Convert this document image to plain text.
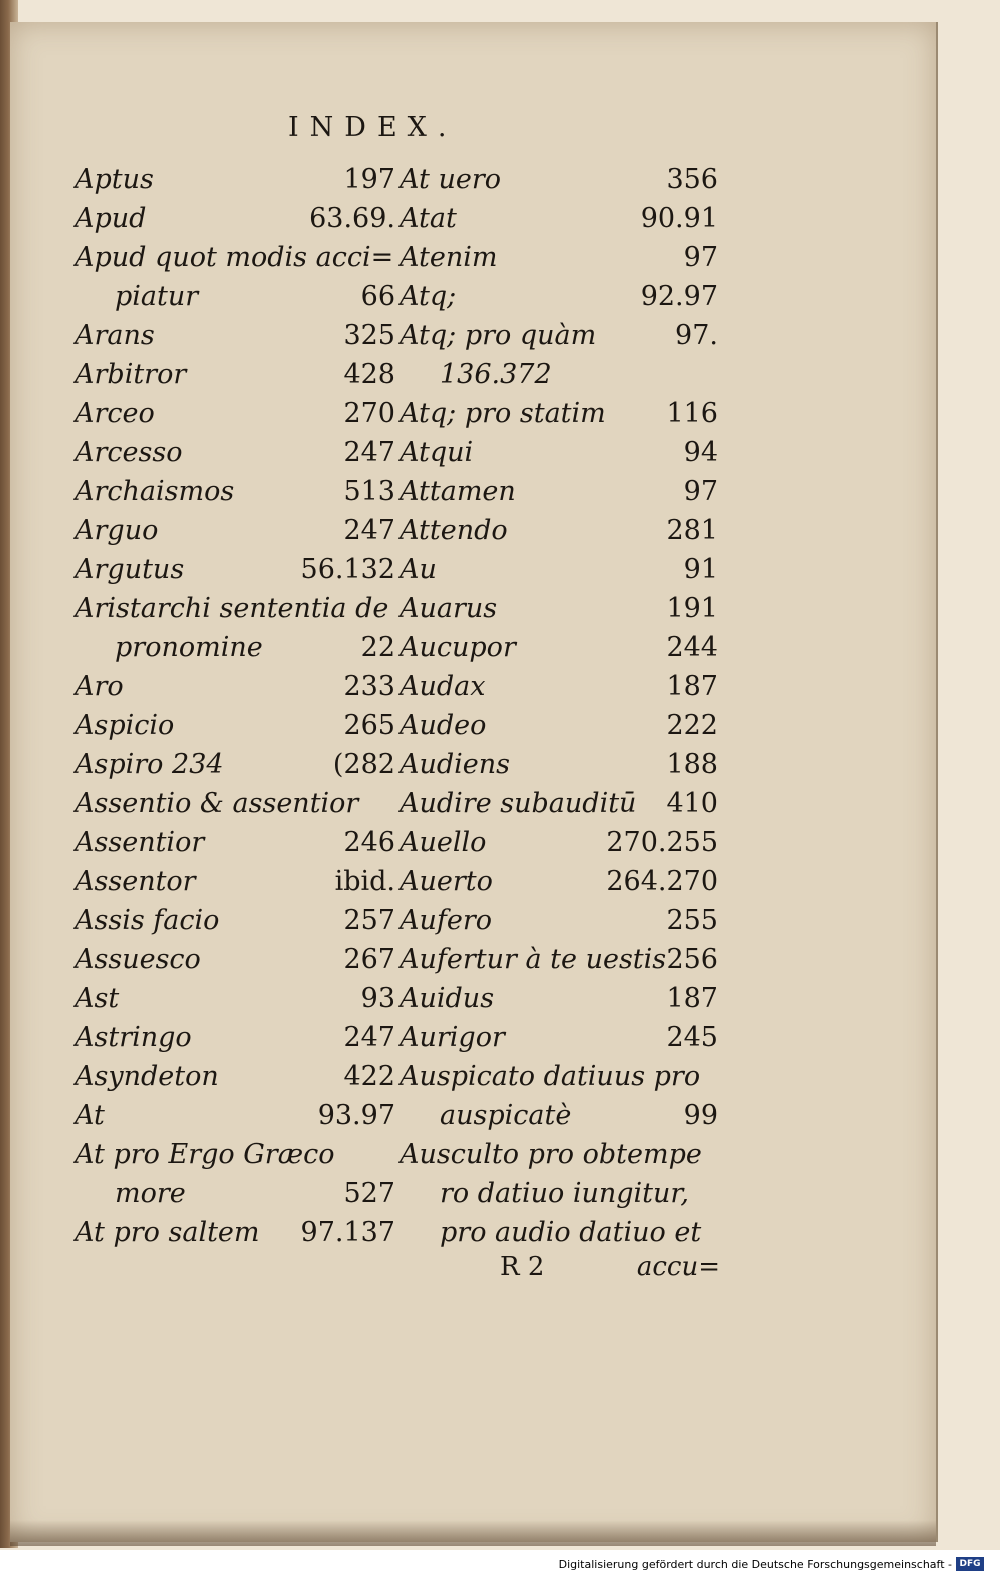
INDEX.
Aptus	197
Apud	63.69.
Apud quot modis acci=
piatur	66
Arans	325
Arbitror	428
Arceo	270
Arcesso	247
Archaismos	513
Arguo	247
Argutus	56.132
Aristarchi sententia de
pronomine	22
Aro	233
Aspicio	265
Aspiro 234	(282
Assentio & assentior
Assentior	246
Assentor	ibid.
Assis facio	257
Assuesco	267
Ast	93
Astringo	247
Asyndeton	422
At	93.97
At pro Ergo Græco
more	527
At pro saltem 97.137
At uero	356
Atat	90.91
Atenim	97
Atq;	92.97
Atq; pro quàm	97.
136.372
Atq; pro statim 116
Atqui	94
Attamen	97
Attendo	281
Au	91
Auarus	191
Aucupor	244
Audax	187
Audeo	222
Audiens	188
Audire subauditū 410
Auello	270.255
Auerto	264.270
Aufero	255
Aufertur à te uestis 256
Auidus	187
Aurigor	245
Auspicato datiuus pro
auspicatè	99
Ausculto pro obtempe
ro datiuo iungitur,
pro audio datiuo et
R 2	accu=
Digitalisierung gefördert durch die Deutsche Forschungsgemeinschaft - DFG
